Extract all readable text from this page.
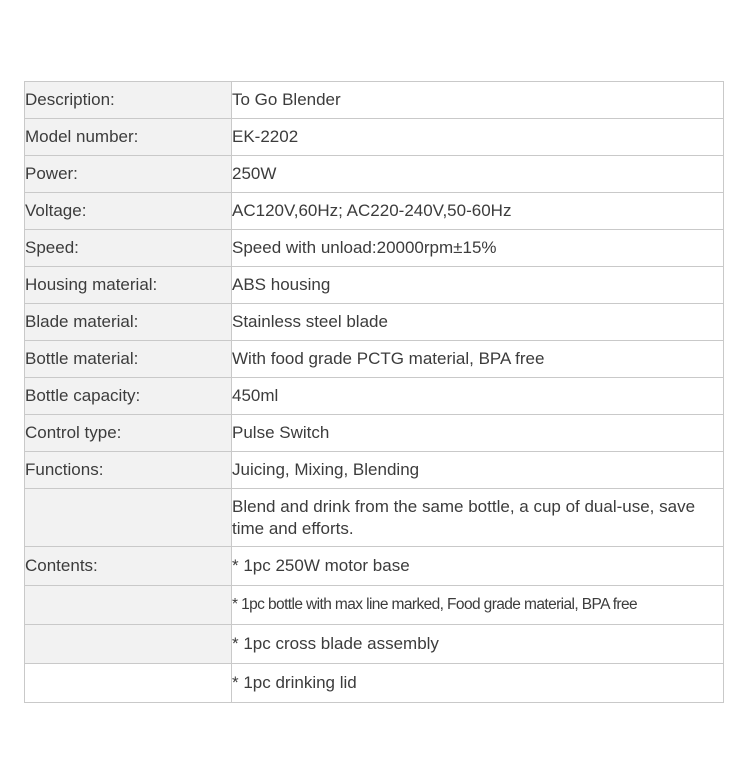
Description:	To Go Blender
Model number:	EK-2202
Power:	250W
Voltage:	AC120V,60Hz; AC220-240V,50-60Hz
Speed:	Speed with unload:20000rpm±15%
Housing material:	ABS housing
Blade material:	Stainless steel blade
Bottle material:	With food grade PCTG material, BPA free
Bottle capacity:	450ml
Control type:	Pulse Switch
Functions:	Juicing, Mixing, Blending
	Blend and drink from the same bottle, a cup of dual-use, save time and efforts.
Contents:	* 1pc 250W motor base
	* 1pc bottle with max line marked, Food grade material, BPA free
	* 1pc cross blade assembly
	* 1pc drinking lid
